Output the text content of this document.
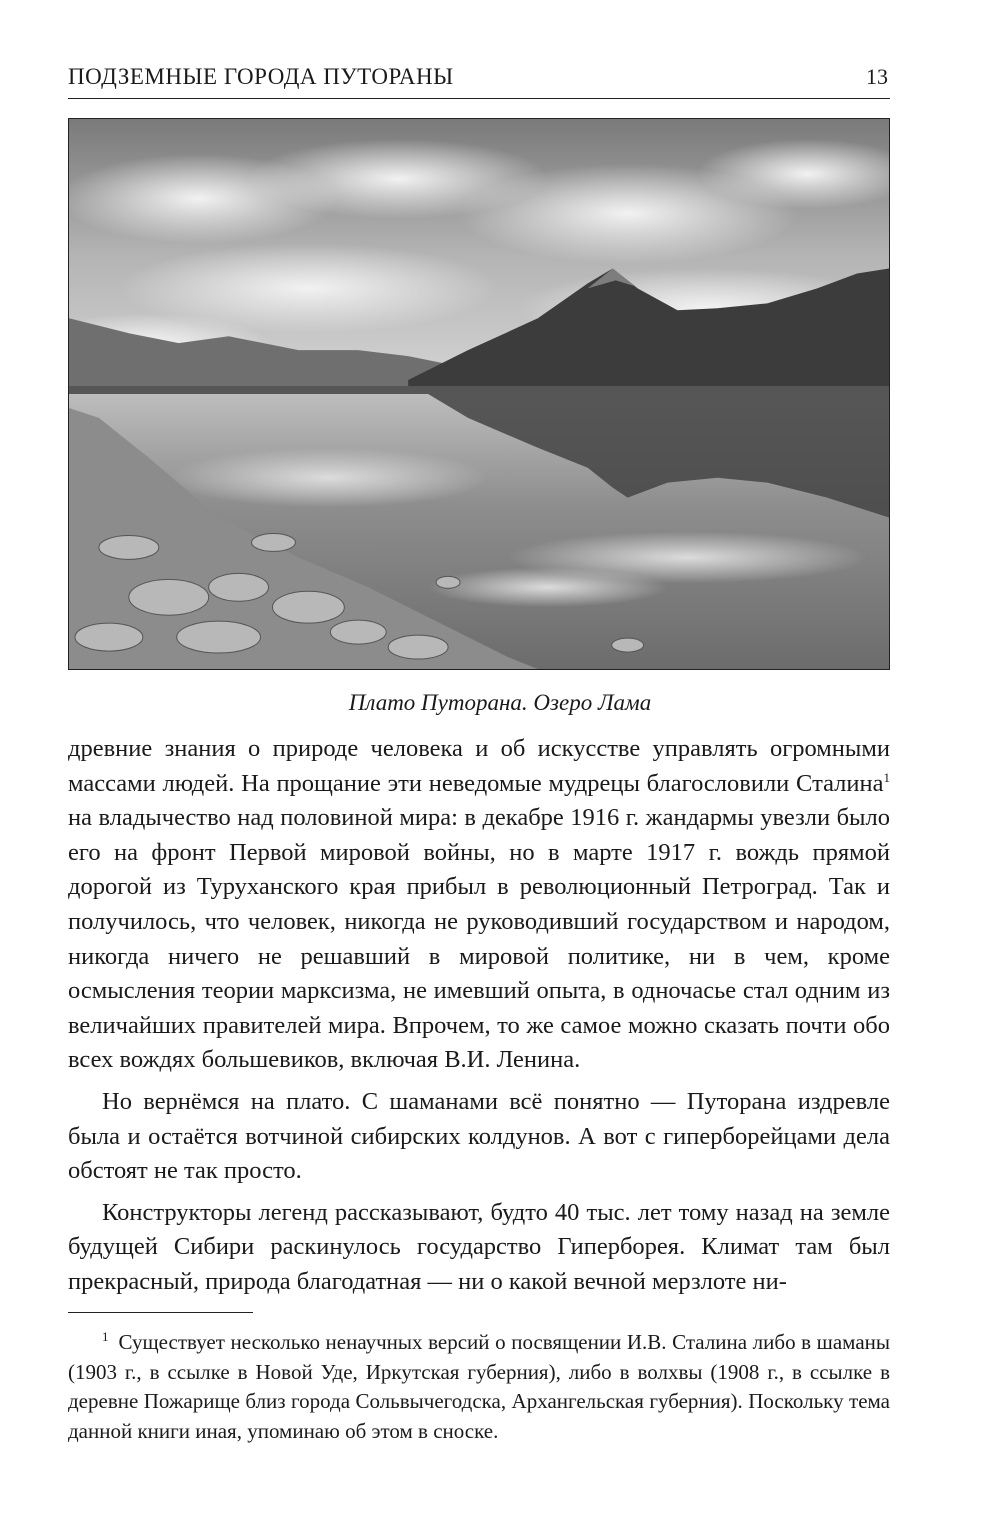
ПОДЗЕМНЫЕ ГОРОДА ПУТОРАНЫ	13
Плато Путорана. Озеро Лама

древние знания о природе человека и об искусстве управлять огромными массами людей. На прощание эти неведомые мудрецы благословили Сталина$^1$ на владычество над половиной мира: в декабре 1916 г. жандармы увезли было его на фронт Первой мировой войны, но в марте 1917 г. вождь прямой дорогой из Туруханского края прибыл в революционный Петроград. Так и получилось, что человек, никогда не руководивший государством и народом, никогда ничего не решавший в мировой политике, ни в чем, кроме осмысления теории марксизма, не имевший опыта, в одночасье стал одним из величайших правителей мира. Впрочем, то же самое можно сказать почти обо всех вождях большевиков, включая В.И. Ленина.

Но вернёмся на плато. С шаманами всё понятно — Путорана издревле была и остаётся вотчиной сибирских колдунов. А вот с гиперборейцами дела обстоят не так просто.

Конструкторы легенд рассказывают, будто 40 тыс. лет тому назад на земле будущей Сибири раскинулось государство Гиперборея. Климат там был прекрасный, природа благодатная — ни о какой вечной мерзлоте ни-

$^1$ Существует несколько ненаучных версий о посвящении И.В. Сталина либо в шаманы (1903 г., в ссылке в Новой Уде, Иркутская губерния), либо в волхвы (1908 г., в ссылке в деревне Пожарище близ города Сольвычегодска, Архангельская губерния). Поскольку тема данной книги иная, упоминаю об этом в сноске.
